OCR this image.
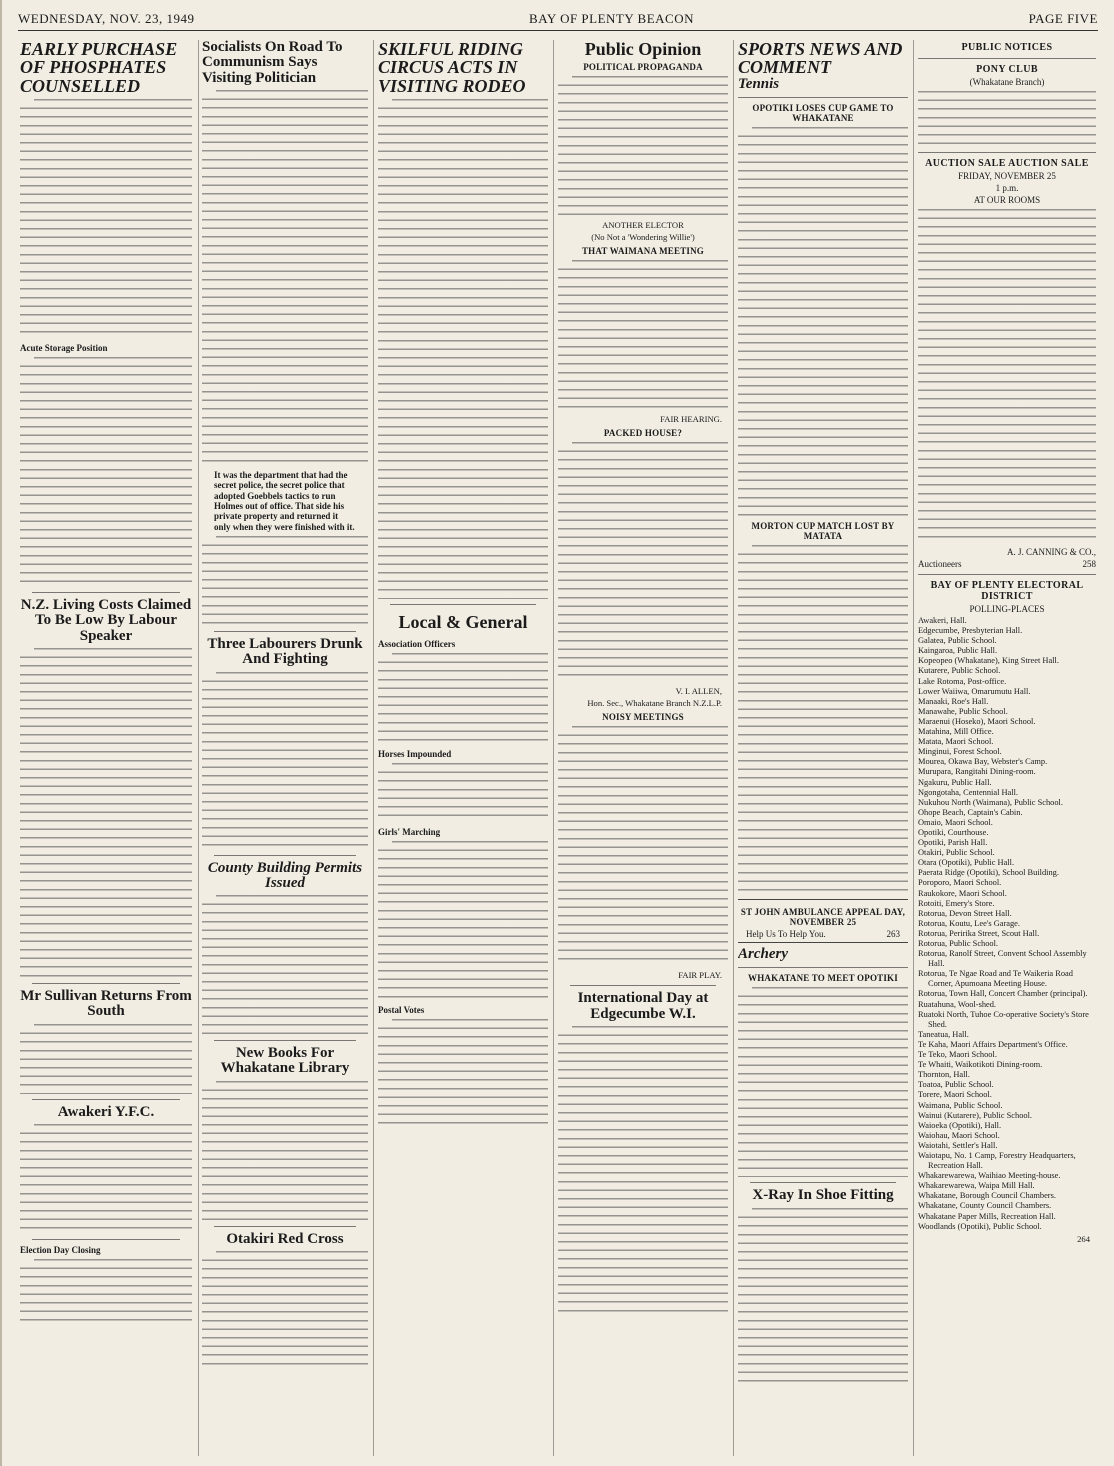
WEDNESDAY, NOV. 23, 1949	BAY OF PLENTY BEACON	PAGE FIVE
EARLY PURCHASE OF PHOSPHATES COUNSELLED
Acute Storage Position
N.Z. Living Costs Claimed To Be Low By Labour Speaker
Mr Sullivan Returns From South
Awakeri Y.F.C.
Election Day Closing
Socialists On Road To Communism Says Visiting Politician
It was the department that had the secret police, the secret police that adopted Goebbels tactics to run Holmes out of office. That side his private property and returned it only when they were finished with it.
Three Labourers Drunk And Fighting
County Building Permits Issued
New Books For Whakatane Library
Otakiri Red Cross
SKILFUL RIDING CIRCUS ACTS IN VISITING RODEO
Local & General
Association Officers
Horses Impounded
Girls' Marching
Postal Votes
Public Opinion
POLITICAL PROPAGANDA
ANOTHER ELECTOR
(No Not a 'Wondering Willie')
THAT WAIMANA MEETING
FAIR HEARING.
PACKED HOUSE?
V. I. ALLEN,
Hon. Sec., Whakatane Branch N.Z.L.P.
NOISY MEETINGS
FAIR PLAY.
International Day at Edgecumbe W.I.
SPORTS NEWS AND COMMENT
Tennis
OPOTIKI LOSES CUP GAME TO WHAKATANE
MORTON CUP MATCH LOST BY MATATA
ST JOHN AMBULANCE APPEAL DAY, NOVEMBER 25
Help Us To Help You.	263
Archery
WHAKATANE TO MEET OPOTIKI
X-Ray In Shoe Fitting
PUBLIC NOTICES
PONY CLUB
(Whakatane Branch)
AUCTION SALE AUCTION SALE
FRIDAY, NOVEMBER 25
1 p.m.
AT OUR ROOMS
A. J. CANNING & CO.,
Auctioneers	258
BAY OF PLENTY ELECTORAL DISTRICT
POLLING-PLACES
Awakeri, Hall.
Edgecumbe, Presbyterian Hall.
Galatea, Public School.
Kaingaroa, Public Hall.
Kopeopeo (Whakatane), King Street Hall.
Kutarere, Public School.
Lake Rotoma, Post-office.
Lower Waiiwa, Omarumutu Hall.
Manaaki, Roe's Hall.
Manawahe, Public School.
Maraenui (Hoseko), Maori School.
Matahina, Mill Office.
Matata, Maori School.
Minginui, Forest School.
Mourea, Okawa Bay, Webster's Camp.
Murupara, Rangitahi Dining-room.
Ngakuru, Public Hall.
Ngongotaha, Centennial Hall.
Nukuhou North (Waimana), Public School.
Ohope Beach, Captain's Cabin.
Omaio, Maori School.
Opotiki, Courthouse.
Opotiki, Parish Hall.
Otakiri, Public School.
Otara (Opotiki), Public Hall.
Paerata Ridge (Opotiki), School Building.
Poroporo, Maori School.
Raukokore, Maori School.
Rotoiti, Emery's Store.
Rotorua, Devon Street Hall.
Rotorua, Koutu, Lee's Garage.
Rotorua, Peririka Street, Scout Hall.
Rotorua, Public School.
Rotorua, Ranolf Street, Convent School Assembly Hall.
Rotorua, Te Ngae Road and Te Waikeria Road Corner, Apumoana Meeting House.
Rotorua, Town Hall, Concert Chamber (principal).
Ruatahuna, Wool-shed.
Ruatoki North, Tuhoe Co-operative Society's Store Shed.
Taneatua, Hall.
Te Kaha, Maori Affairs Department's Office.
Te Teko, Maori School.
Te Whaiti, Waikotikoti Dining-room.
Thornton, Hall.
Toatoa, Public School.
Torere, Maori School.
Waimana, Public School.
Wainui (Kutarere), Public School.
Waioeka (Opotiki), Hall.
Waiohau, Maori School.
Waiotahi, Settler's Hall.
Waiotapu, No. 1 Camp, Forestry Headquarters, Recreation Hall.
Whakarewarewa, Waihiao Meeting-house.
Whakarewarewa, Waipa Mill Hall.
Whakatane, Borough Council Chambers.
Whakatane, County Council Chambers.
Whakatane Paper Mills, Recreation Hall.
Woodlands (Opotiki), Public School.
264
